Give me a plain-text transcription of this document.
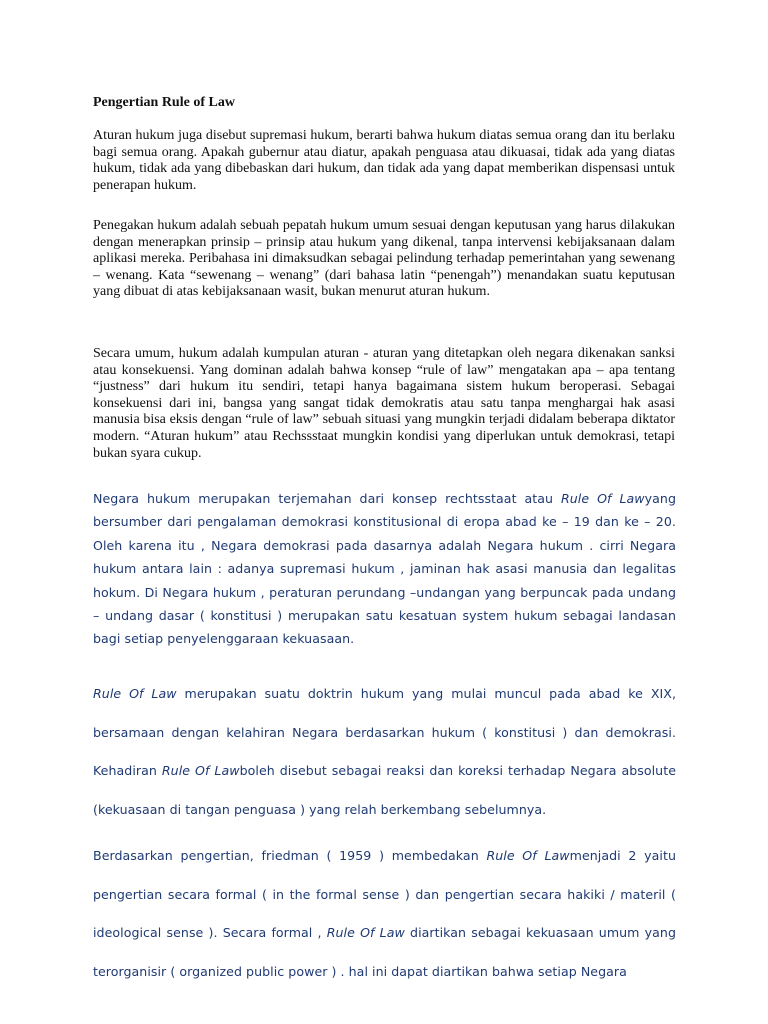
Pengertian Rule of Law

Aturan hukum juga disebut supremasi hukum, berarti bahwa hukum diatas semua orang dan itu berlaku bagi semua orang. Apakah gubernur atau diatur, apakah penguasa atau dikuasai, tidak ada yang diatas hukum, tidak ada yang dibebaskan dari hukum, dan tidak ada yang dapat memberikan dispensasi untuk penerapan hukum.

Penegakan hukum adalah sebuah pepatah hukum umum sesuai dengan keputusan yang harus dilakukan dengan menerapkan prinsip – prinsip atau hukum yang dikenal, tanpa intervensi kebijaksanaan dalam aplikasi mereka. Peribahasa ini dimaksudkan sebagai pelindung terhadap pemerintahan yang sewenang – wenang. Kata “sewenang – wenang” (dari bahasa latin “penengah”) menandakan suatu keputusan yang dibuat di atas kebijaksanaan wasit, bukan menurut aturan hukum.

Secara umum, hukum adalah kumpulan aturan - aturan yang ditetapkan oleh negara dikenakan sanksi atau konsekuensi. Yang dominan adalah bahwa konsep “rule of law” mengatakan apa – apa tentang “justness” dari hukum itu sendiri, tetapi hanya bagaimana sistem hukum beroperasi. Sebagai konsekuensi dari ini, bangsa yang sangat tidak demokratis atau satu tanpa menghargai hak asasi manusia bisa eksis dengan “rule of law” sebuah situasi yang mungkin terjadi didalam beberapa diktator modern. “Aturan hukum” atau Rechssstaat mungkin kondisi yang diperlukan untuk demokrasi, tetapi bukan syara cukup.

Negara hukum merupakan terjemahan dari konsep rechtsstaat atau Rule Of Lawyang bersumber dari pengalaman demokrasi konstitusional di eropa abad ke – 19 dan ke – 20. Oleh karena itu , Negara demokrasi pada dasarnya adalah Negara hukum . cirri Negara hukum antara lain : adanya supremasi hukum , jaminan hak asasi manusia dan legalitas hokum. Di Negara hukum , peraturan perundang –undangan yang berpuncak pada undang – undang dasar ( konstitusi ) merupakan satu kesatuan system hukum sebagai landasan bagi setiap penyelenggaraan kekuasaan.

Rule Of Law merupakan suatu doktrin hukum yang mulai muncul pada abad ke XIX, bersamaan dengan kelahiran Negara berdasarkan hukum ( konstitusi ) dan demokrasi. Kehadiran Rule Of Lawboleh disebut sebagai reaksi dan koreksi terhadap Negara absolute (kekuasaan di tangan penguasa ) yang relah berkembang sebelumnya.

Berdasarkan pengertian, friedman ( 1959 ) membedakan Rule Of Lawmenjadi 2 yaitu pengertian secara formal ( in the formal sense ) dan pengertian secara hakiki / materil ( ideological sense ). Secara formal , Rule Of Law diartikan sebagai kekuasaan umum yang terorganisir ( organized public power ) . hal ini dapat diartikan bahwa setiap Negara
